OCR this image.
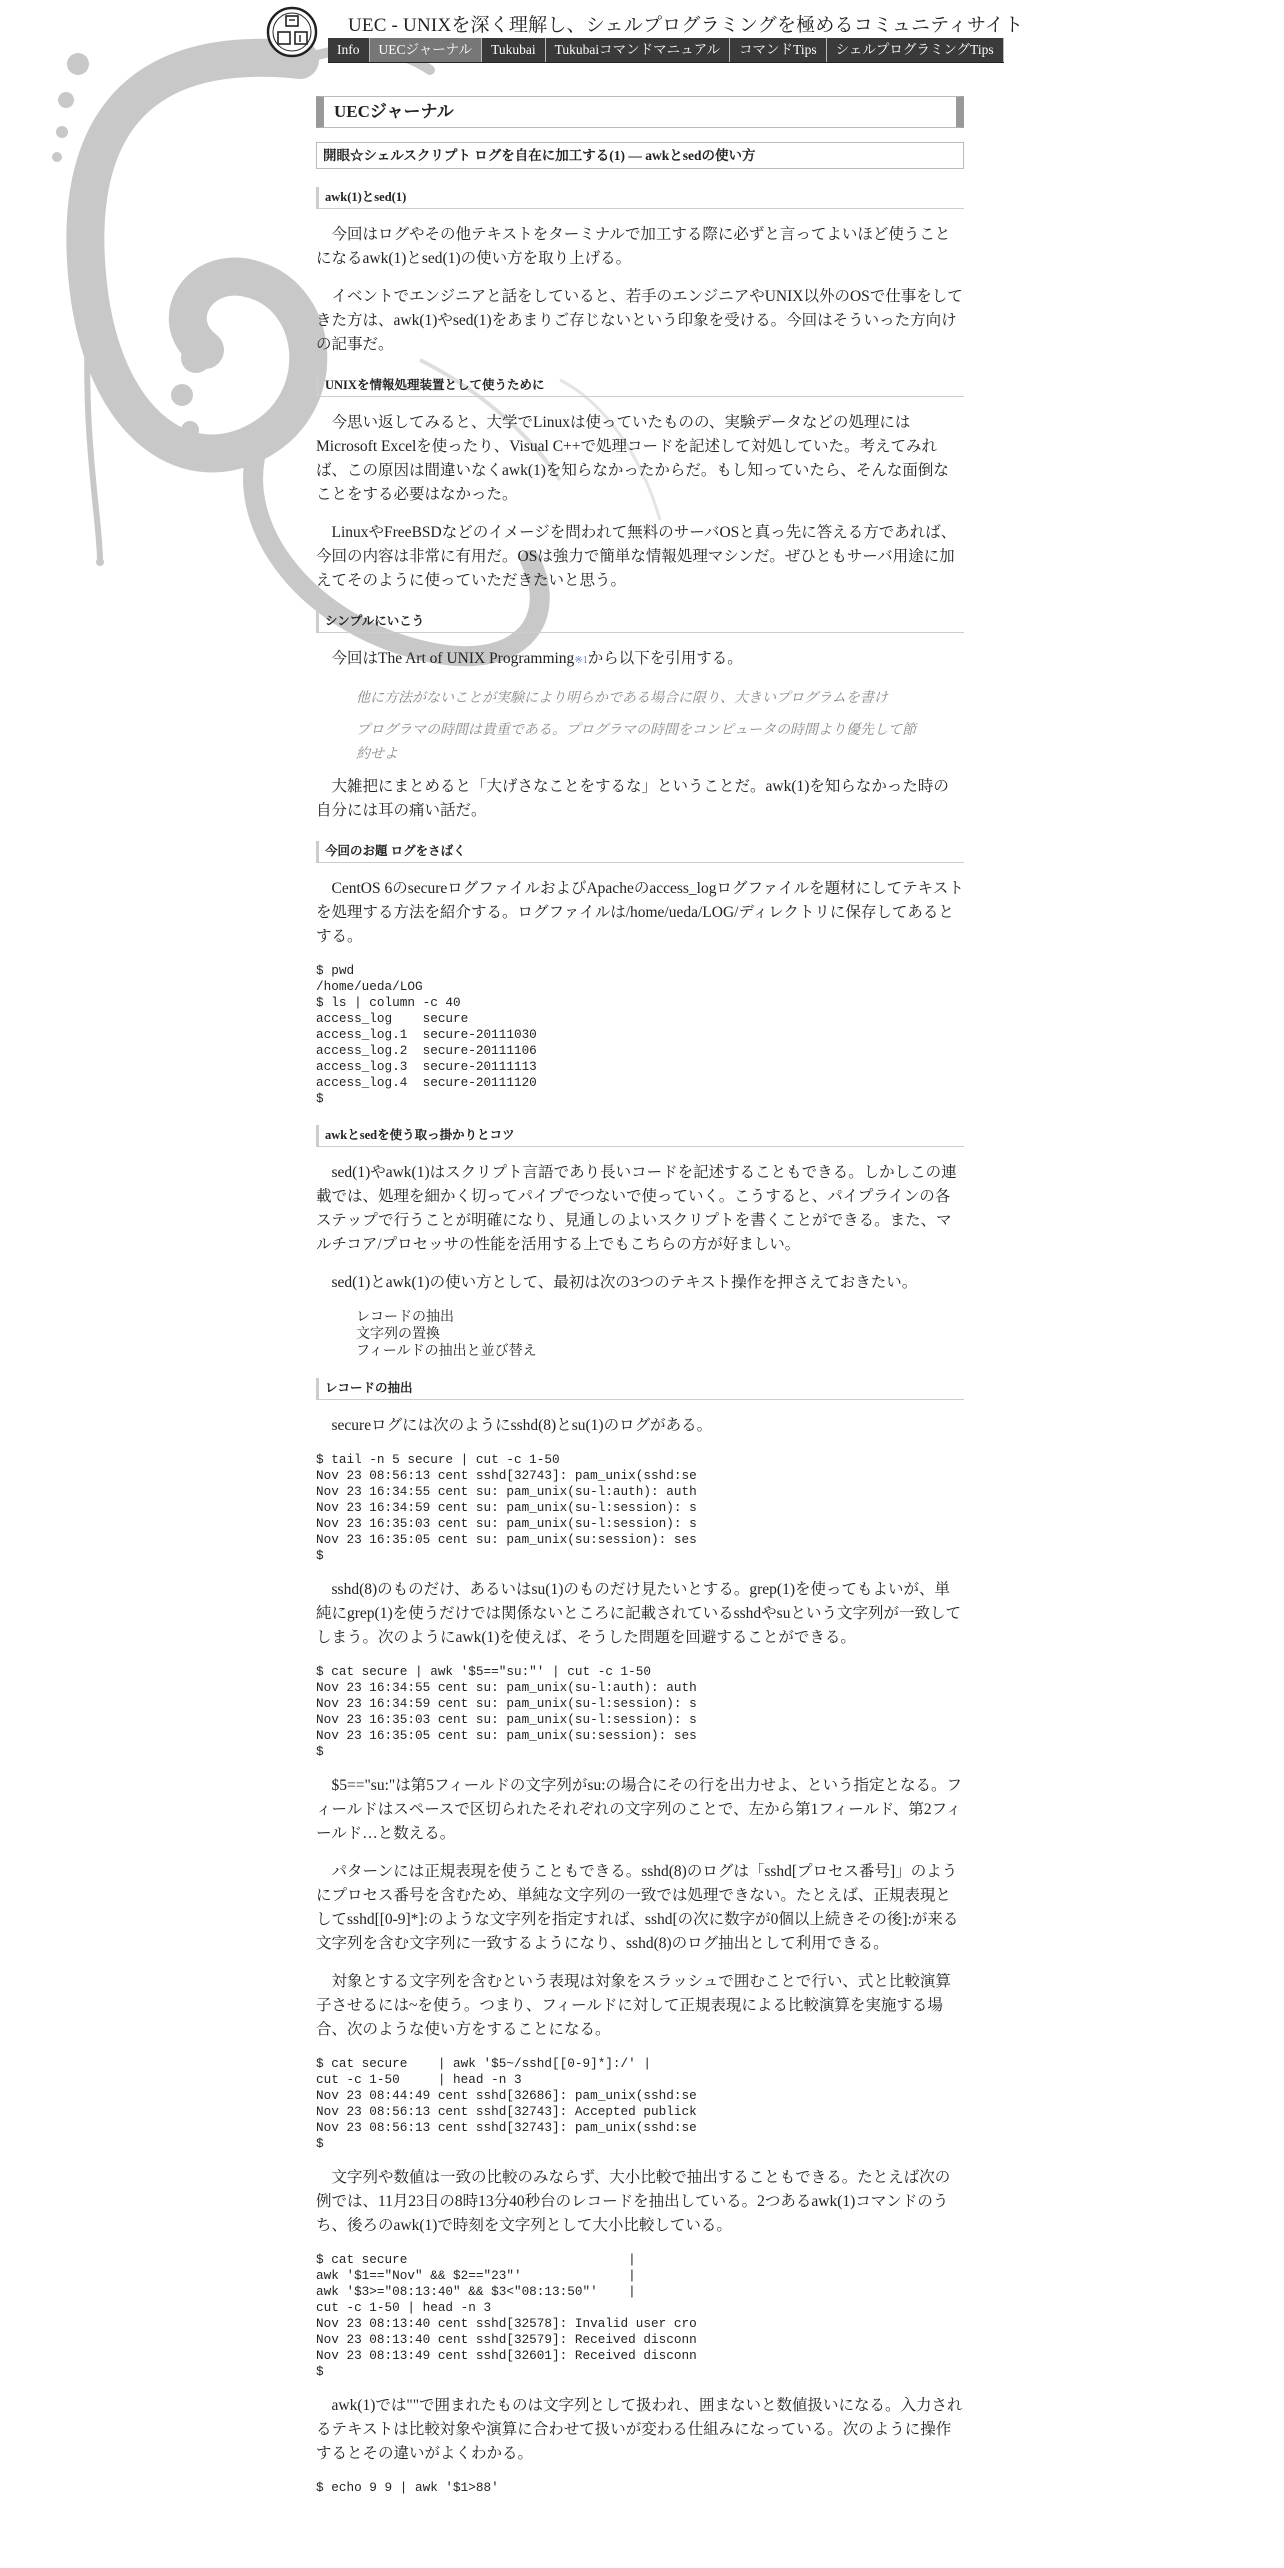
UEC - UNIXを深く理解し、シェルプログラミングを極めるコミュニティサイト
Info	UECジャーナル	Tukubai	Tukubaiコマンドマニュアル	コマンドTips	シェルプログラミングTips
UECジャーナル
開眼☆シェルスクリプト ログを自在に加工する(1) — awkとsedの使い方
awk(1)とsed(1)

今回はログやその他テキストをターミナルで加工する際に必ずと言ってよいほど使うことになるawk(1)とsed(1)の使い方を取り上げる。

イベントでエンジニアと話をしていると、若手のエンジニアやUNIX以外のOSで仕事をしてきた方は、awk(1)やsed(1)をあまりご存じないという印象を受ける。今回はそういった方向けの記事だ。

UNIXを情報処理装置として使うために

今思い返してみると、大学でLinuxは使っていたものの、実験データなどの処理にはMicrosoft Excelを使ったり、Visual C++で処理コードを記述して対処していた。考えてみれば、この原因は間違いなくawk(1)を知らなかったからだ。もし知っていたら、そんな面倒なことをする必要はなかった。

LinuxやFreeBSDなどのイメージを問われて無料のサーバOSと真っ先に答える方であれば、今回の内容は非常に有用だ。OSは強力で簡単な情報処理マシンだ。ぜひともサーバ用途に加えてそのように使っていただきたいと思う。

シンプルにいこう

今回はThe Art of UNIX Programming※1から以下を引用する。

他に方法がないことが実験により明らかである場合に限り、大きいプログラムを書け
プログラマの時間は貴重である。プログラマの時間をコンピュータの時間より優先して節約せよ

大雑把にまとめると「大げさなことをするな」ということだ。awk(1)を知らなかった時の自分には耳の痛い話だ。

今回のお題 ログをさばく

CentOS 6のsecureログファイルおよびApacheのaccess_logログファイルを題材にしてテキストを処理する方法を紹介する。ログファイルは/home/ueda/LOG/ディレクトリに保存してあるとする。

$ pwd
/home/ueda/LOG
$ ls | column -c 40
access_log    secure
access_log.1  secure-20111030
access_log.2  secure-20111106
access_log.3  secure-20111113
access_log.4  secure-20111120
$
awkとsedを使う取っ掛かりとコツ

sed(1)やawk(1)はスクリプト言語であり長いコードを記述することもできる。しかしこの連載では、処理を細かく切ってパイプでつないで使っていく。こうすると、パイプラインの各ステップで行うことが明確になり、見通しのよいスクリプトを書くことができる。また、マルチコア/プロセッサの性能を活用する上でもこちらの方が好ましい。

sed(1)とawk(1)の使い方として、最初は次の3つのテキスト操作を押さえておきたい。

レコードの抽出
文字列の置換
フィールドの抽出と並び替え
レコードの抽出

secureログには次のようにsshd(8)とsu(1)のログがある。

$ tail -n 5 secure | cut -c 1-50
Nov 23 08:56:13 cent sshd[32743]: pam_unix(sshd:se
Nov 23 16:34:55 cent su: pam_unix(su-l:auth): auth
Nov 23 16:34:59 cent su: pam_unix(su-l:session): s
Nov 23 16:35:03 cent su: pam_unix(su-l:session): s
Nov 23 16:35:05 cent su: pam_unix(su:session): ses
$

sshd(8)のものだけ、あるいはsu(1)のものだけ見たいとする。grep(1)を使ってもよいが、単純にgrep(1)を使うだけでは関係ないところに記載されているsshdやsuという文字列が一致してしまう。次のようにawk(1)を使えば、そうした問題を回避することができる。

$ cat secure | awk '$5=="su:"' | cut -c 1-50
Nov 23 16:34:55 cent su: pam_unix(su-l:auth): auth
Nov 23 16:34:59 cent su: pam_unix(su-l:session): s
Nov 23 16:35:03 cent su: pam_unix(su-l:session): s
Nov 23 16:35:05 cent su: pam_unix(su:session): ses
$

$5=="su:"は第5フィールドの文字列がsu:の場合にその行を出力せよ、という指定となる。フィールドはスペースで区切られたそれぞれの文字列のことで、左から第1フィールド、第2フィールド…と数える。

パターンには正規表現を使うこともできる。sshd(8)のログは「sshd[プロセス番号]」のようにプロセス番号を含むため、単純な文字列の一致では処理できない。たとえば、正規表現としてsshd[[0-9]*]:のような文字列を指定すれば、sshd[の次に数字が0個以上続きその後]:が来る文字列を含む文字列に一致するようになり、sshd(8)のログ抽出として利用できる。

対象とする文字列を含むという表現は対象をスラッシュで囲むことで行い、式と比較演算子させるには~を使う。つまり、フィールドに対して正規表現による比較演算を実施する場合、次のような使い方をすることになる。

$ cat secure    | awk '$5~/sshd[[0-9]*]:/' |
cut -c 1-50     | head -n 3
Nov 23 08:44:49 cent sshd[32686]: pam_unix(sshd:se
Nov 23 08:56:13 cent sshd[32743]: Accepted publick
Nov 23 08:56:13 cent sshd[32743]: pam_unix(sshd:se
$

文字列や数値は一致の比較のみならず、大小比較で抽出することもできる。たとえば次の例では、11月23日の8時13分40秒台のレコードを抽出している。2つあるawk(1)コマンドのうち、後ろのawk(1)で時刻を文字列として大小比較している。

$ cat secure                             |
awk '$1=="Nov" && $2=="23"'              |
awk '$3>="08:13:40" && $3<"08:13:50"'    |
cut -c 1-50 | head -n 3
Nov 23 08:13:40 cent sshd[32578]: Invalid user cro
Nov 23 08:13:40 cent sshd[32579]: Received disconn
Nov 23 08:13:49 cent sshd[32601]: Received disconn
$

awk(1)では""で囲まれたものは文字列として扱われ、囲まないと数値扱いになる。入力されるテキストは比較対象や演算に合わせて扱いが変わる仕組みになっている。次のように操作するとその違いがよくわかる。

$ echo 9 9 | awk '$1>88'
